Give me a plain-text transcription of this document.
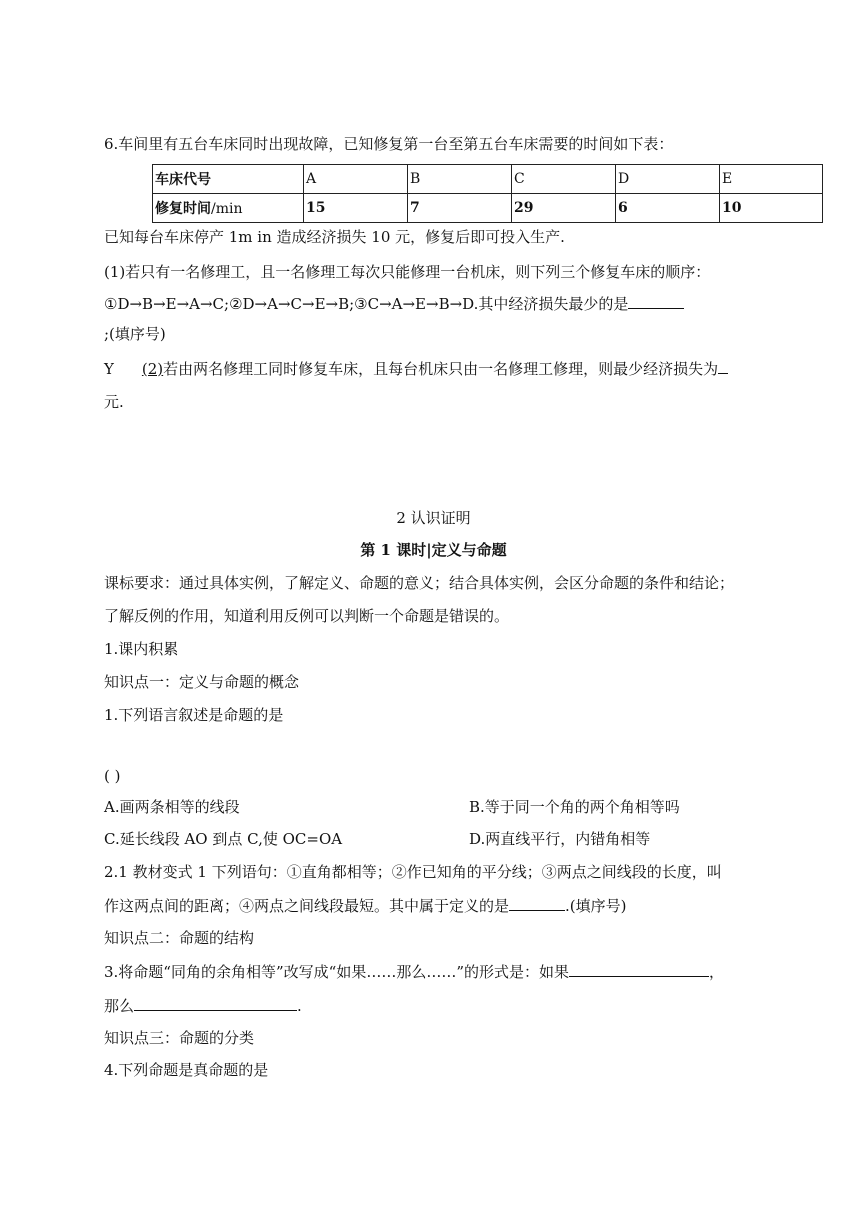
6.车间里有五台车床同时出现故障，已知修复第一台至第五台车床需要的时间如下表：
车床代号	A	B	C	D	E
修复时间/min	15	7	29	6	10
已知每台车床停产 1m in 造成经济损失 10 元，修复后即可投入生产.
(1)若只有一名修理工，且一名修理工每次只能修理一台机床，则下列三个修复车床的顺序：
①D→B→E→A→C;②D→A→C→E→B;③C→A→E→B→D.其中经济损失最少的是
;(填序号)
Y (2)若由两名修理工同时修复车床，且每台机床只由一名修理工修理，则最少经济损失为
元.
2 认识证明
第 1 课时|定义与命题
课标要求：通过具体实例，了解定义、命题的意义；结合具体实例，会区分命题的条件和结论；
了解反例的作用，知道利用反例可以判断一个命题是错误的。
1.课内积累
知识点一：定义与命题的概念
1.下列语言叙述是命题的是
( )
A.画两条相等的线段	B.等于同一个角的两个角相等吗
C.延长线段 AO 到点 C,使 OC=OA	D.两直线平行，内错角相等
2.1 教材变式 1 下列语句：①直角都相等；②作已知角的平分线；③两点之间线段的长度，叫
作这两点间的距离；④两点之间线段最短。其中属于定义的是	.(填序号)
知识点二：命题的结构
3.将命题“同角的余角相等”改写成“如果……那么……”的形式是：如果	，
那么	.
知识点三：命题的分类
4.下列命题是真命题的是
